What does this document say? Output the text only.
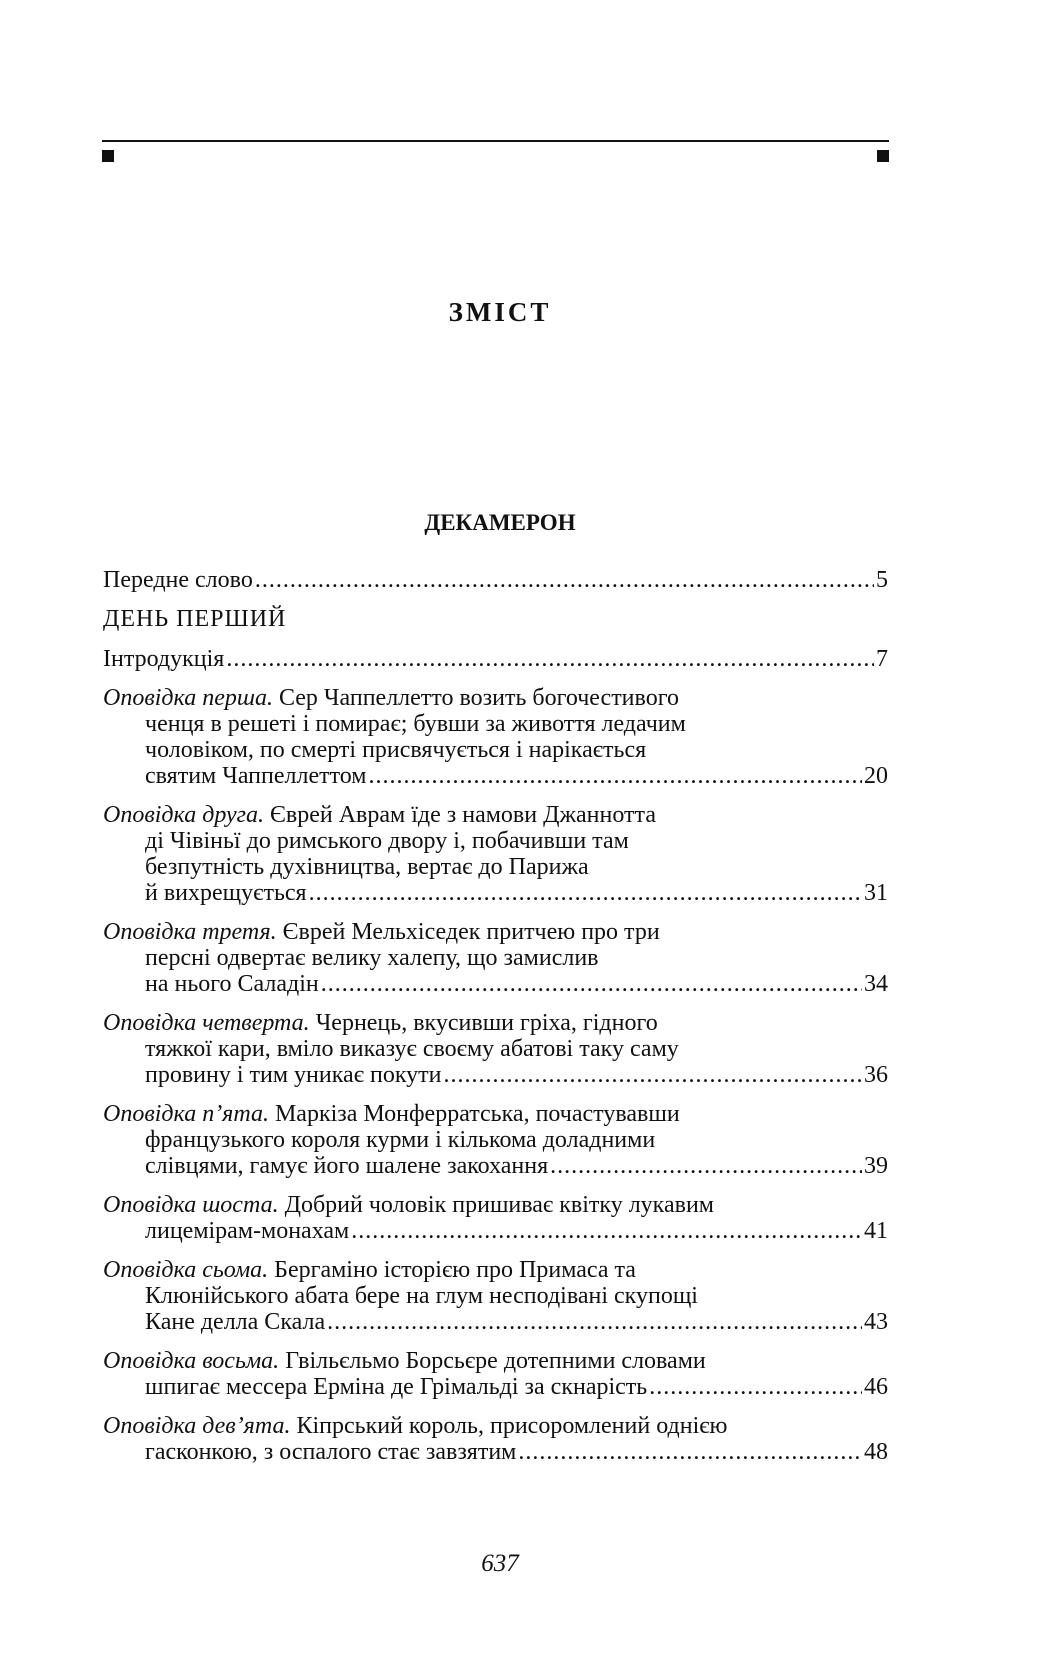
ЗМІСТ
ДЕКАМЕРОН
Передне слово .....	5
ДЕНЬ ПЕРШИЙ
Інтродукція .....	7
Оповідка перша. Сер Чаппеллетто возить богочестивого
ченця в решеті і помирає; бувши за живоття ледачим
чоловіком, по смерті присвячується і нарікається
святим Чаппеллеттом .....	20
Оповідка друга. Єврей Аврам їде з намови Джаннотта
ді Чівіньї до римського двору і, побачивши там
безпутність духівництва, вертає до Парижа
й вихрещується .....	31
Оповідка третя. Єврей Мельхіседек притчею про три
персні одвертає велику халепу, що замислив
на нього Саладін .....	34
Оповідка четверта. Чернець, вкусивши гріха, гідного
тяжкої кари, вміло виказує своєму абатові таку саму
провину і тим уникає покути .....	36
Оповідка п’ята. Маркіза Монферратська, почастувавши
французького короля курми і кількома доладними
слівцями, гамує його шалене закохання .....	39
Оповідка шоста. Добрий чоловік пришиває квітку лукавим
лицемірам-монахам .....	41
Оповідка сьома. Бергаміно історією про Примаса та
Клюнійського абата бере на глум несподівані скупощі
Кане делла Скала .....	43
Оповідка восьма. Гвільєльмо Борсьєре дотепними словами
шпигає мессера Ерміна де Грімальді за скнарість .....	46
Оповідка дев’ята. Кіпрський король, присоромлений однією
гасконкою, з оспалого стає завзятим .....	48
637
